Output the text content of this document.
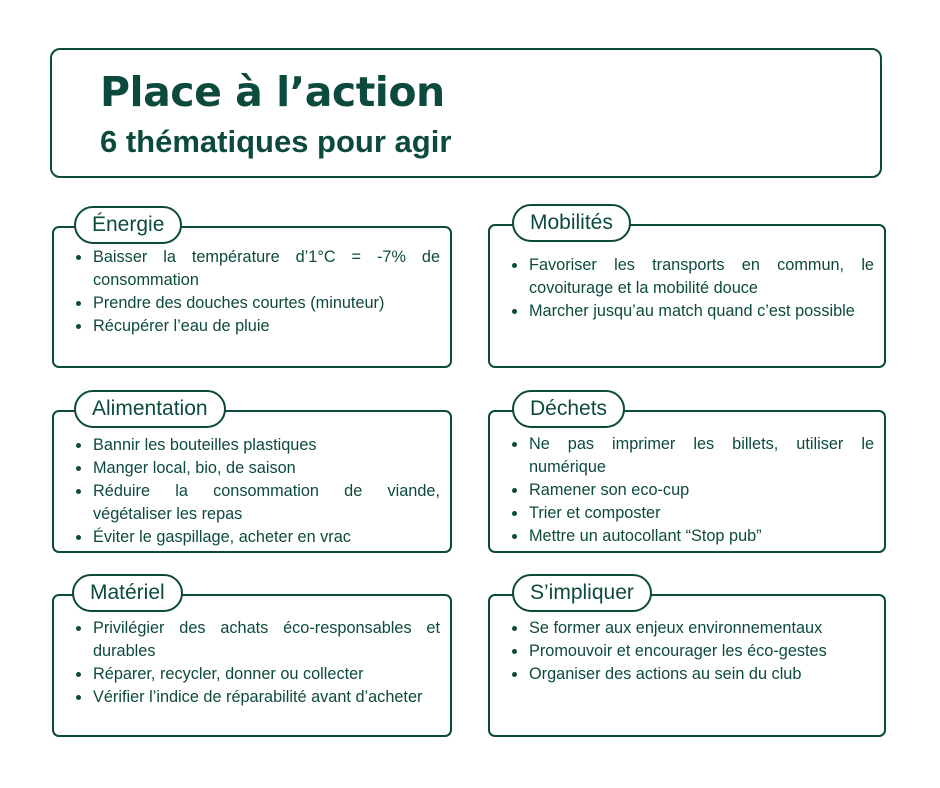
Place à l’action
6 thématiques pour agir
Énergie
Baisser la température d’1°C = -7% de consommation
Prendre des douches courtes (minuteur)
Récupérer l’eau de pluie
Mobilités
Favoriser les transports en commun, le covoiturage et la mobilité douce
Marcher jusqu’au match quand c’est possible
Alimentation
Bannir les bouteilles plastiques
Manger local, bio, de saison
Réduire la consommation de viande, végétaliser les repas
Éviter le gaspillage, acheter en vrac
Déchets
Ne pas imprimer les billets, utiliser le numérique
Ramener son eco-cup
Trier et composter
Mettre un autocollant “Stop pub”
Matériel
Privilégier des achats éco-responsables et durables
Réparer, recycler, donner ou collecter
Vérifier l’indice de réparabilité avant d’acheter
S’impliquer
Se former aux enjeux environnementaux
Promouvoir et encourager les éco-gestes
Organiser des actions au sein du club
